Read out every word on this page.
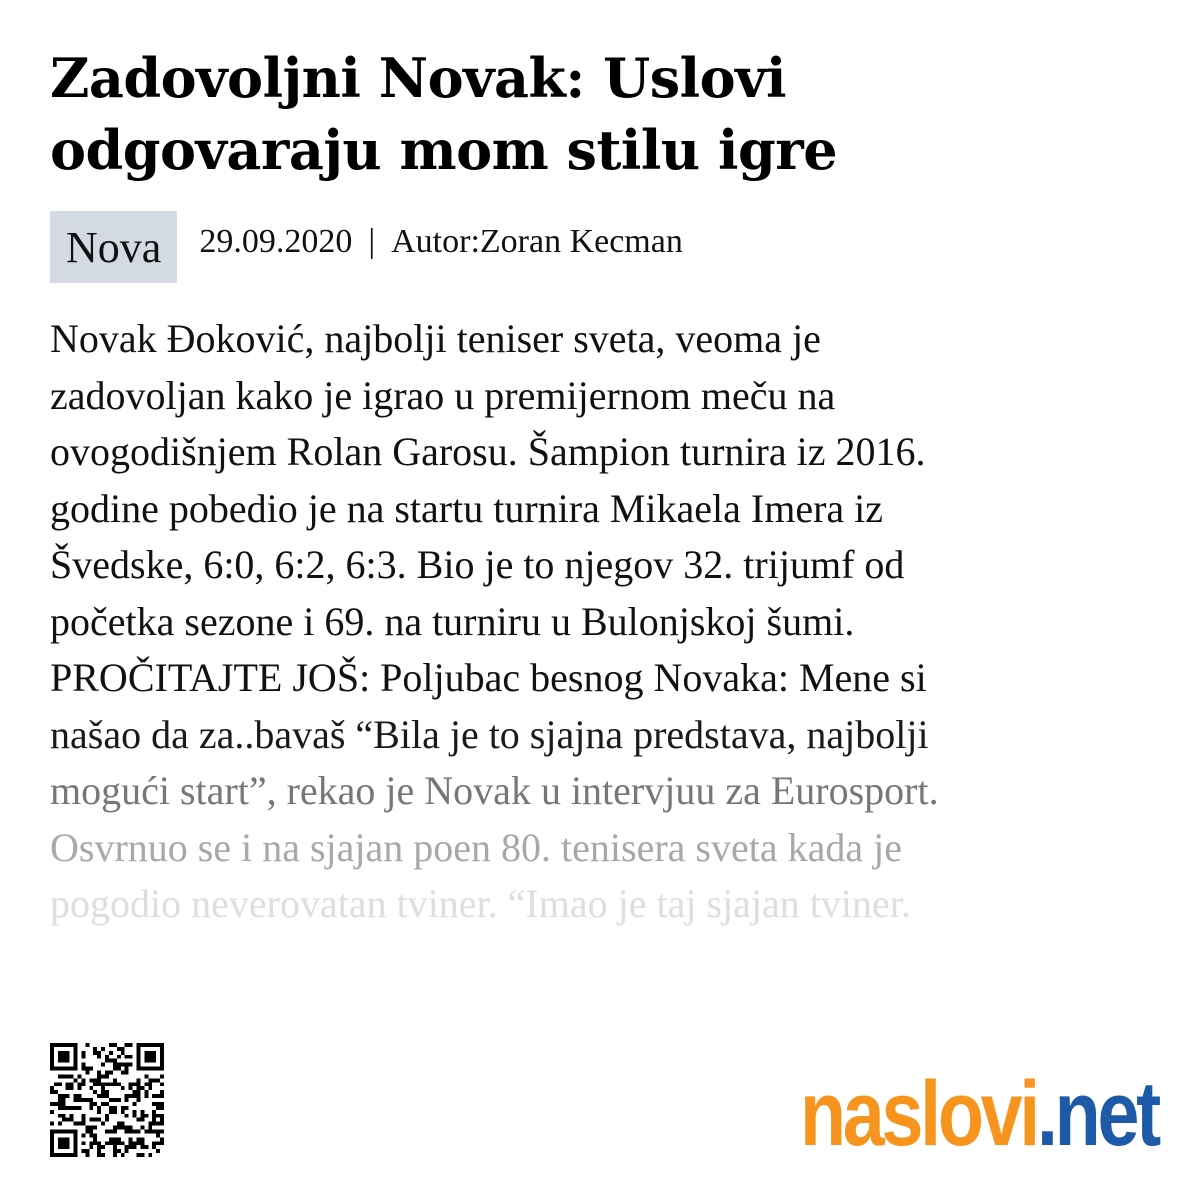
Zadovoljni Novak: Uslovi
odgovaraju mom stilu igre
Nova	29.09.2020 | Autor:Zoran Kecman
Novak Đoković, najbolji teniser sveta, veoma je
zadovoljan kako je igrao u premijernom meču na
ovogodišnjem Rolan Garosu. Šampion turnira iz 2016.
godine pobedio je na startu turnira Mikaela Imera iz
Švedske, 6:0, 6:2, 6:3. Bio je to njegov 32. trijumf od
početka sezone i 69. na turniru u Bulonjskoj šumi.
PROČITAJTE JOŠ: Poljubac besnog Novaka: Mene si
našao da za..bavaš “Bila je to sjajna predstava, najbolji
mogući start”, rekao je Novak u intervjuu za Eurosport.
Osvrnuo se i na sjajan poen 80. tenisera sveta kada je
pogodio neverovatan tviner. “Imao je taj sjajan tviner.
naslovi.net
